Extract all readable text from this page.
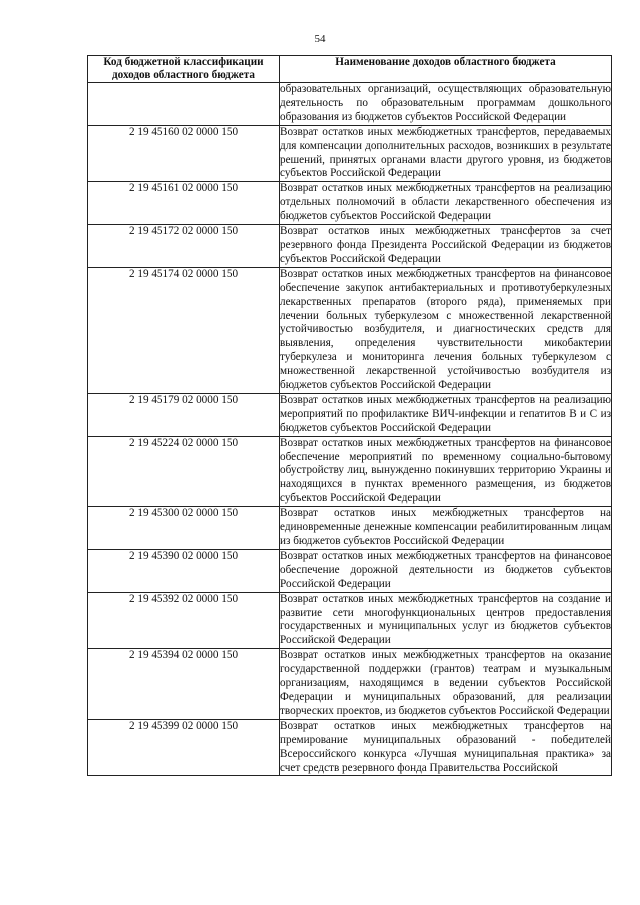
54
Код бюджетной классификации доходов областного бюджета	Наименование доходов областного бюджета
	образовательных организаций, осуществляющих образовательную деятельность по образовательным программам дошкольного образования из бюджетов субъектов Российской Федерации
2 19 45160 02 0000 150	Возврат остатков иных межбюджетных трансфертов, передаваемых для компенсации дополнительных расходов, возникших в результате решений, принятых органами власти другого уровня, из бюджетов субъектов Российской Федерации
2 19 45161 02 0000 150	Возврат остатков иных межбюджетных трансфертов на реализацию отдельных полномочий в области лекарственного обеспечения из бюджетов субъектов Российской Федерации
2 19 45172 02 0000 150	Возврат остатков иных межбюджетных трансфертов за счет резервного фонда Президента Российской Федерации из бюджетов субъектов Российской Федерации
2 19 45174 02 0000 150	Возврат остатков иных межбюджетных трансфертов на финансовое обеспечение закупок антибактериальных и противотуберкулезных лекарственных препаратов (второго ряда), применяемых при лечении больных туберкулезом с множественной лекарственной устойчивостью возбудителя, и диагностических средств для выявления, определения чувствительности микобактерии туберкулеза и мониторинга лечения больных туберкулезом с множественной лекарственной устойчивостью возбудителя из бюджетов субъектов Российской Федерации
2 19 45179 02 0000 150	Возврат остатков иных межбюджетных трансфертов на реализацию мероприятий по профилактике ВИЧ-инфекции и гепатитов В и С из бюджетов субъектов Российской Федерации
2 19 45224 02 0000 150	Возврат остатков иных межбюджетных трансфертов на финансовое обеспечение мероприятий по временному социально-бытовому обустройству лиц, вынужденно покинувших территорию Украины и находящихся в пунктах временного размещения, из бюджетов субъектов Российской Федерации
2 19 45300 02 0000 150	Возврат остатков иных межбюджетных трансфертов на единовременные денежные компенсации реабилитированным лицам из бюджетов субъектов Российской Федерации
2 19 45390 02 0000 150	Возврат остатков иных межбюджетных трансфертов на финансовое обеспечение дорожной деятельности из бюджетов субъектов Российской Федерации
2 19 45392 02 0000 150	Возврат остатков иных межбюджетных трансфертов на создание и развитие сети многофункциональных центров предоставления государственных и муниципальных услуг из бюджетов субъектов Российской Федерации
2 19 45394 02 0000 150	Возврат остатков иных межбюджетных трансфертов на оказание государственной поддержки (грантов) театрам и музыкальным организациям, находящимся в ведении субъектов Российской Федерации и муниципальных образований, для реализации творческих проектов, из бюджетов субъектов Российской Федерации
2 19 45399 02 0000 150	Возврат остатков иных межбюджетных трансфертов на премирование муниципальных образований - победителей Всероссийского конкурса «Лучшая муниципальная практика» за счет средств резервного фонда Правительства Российской
